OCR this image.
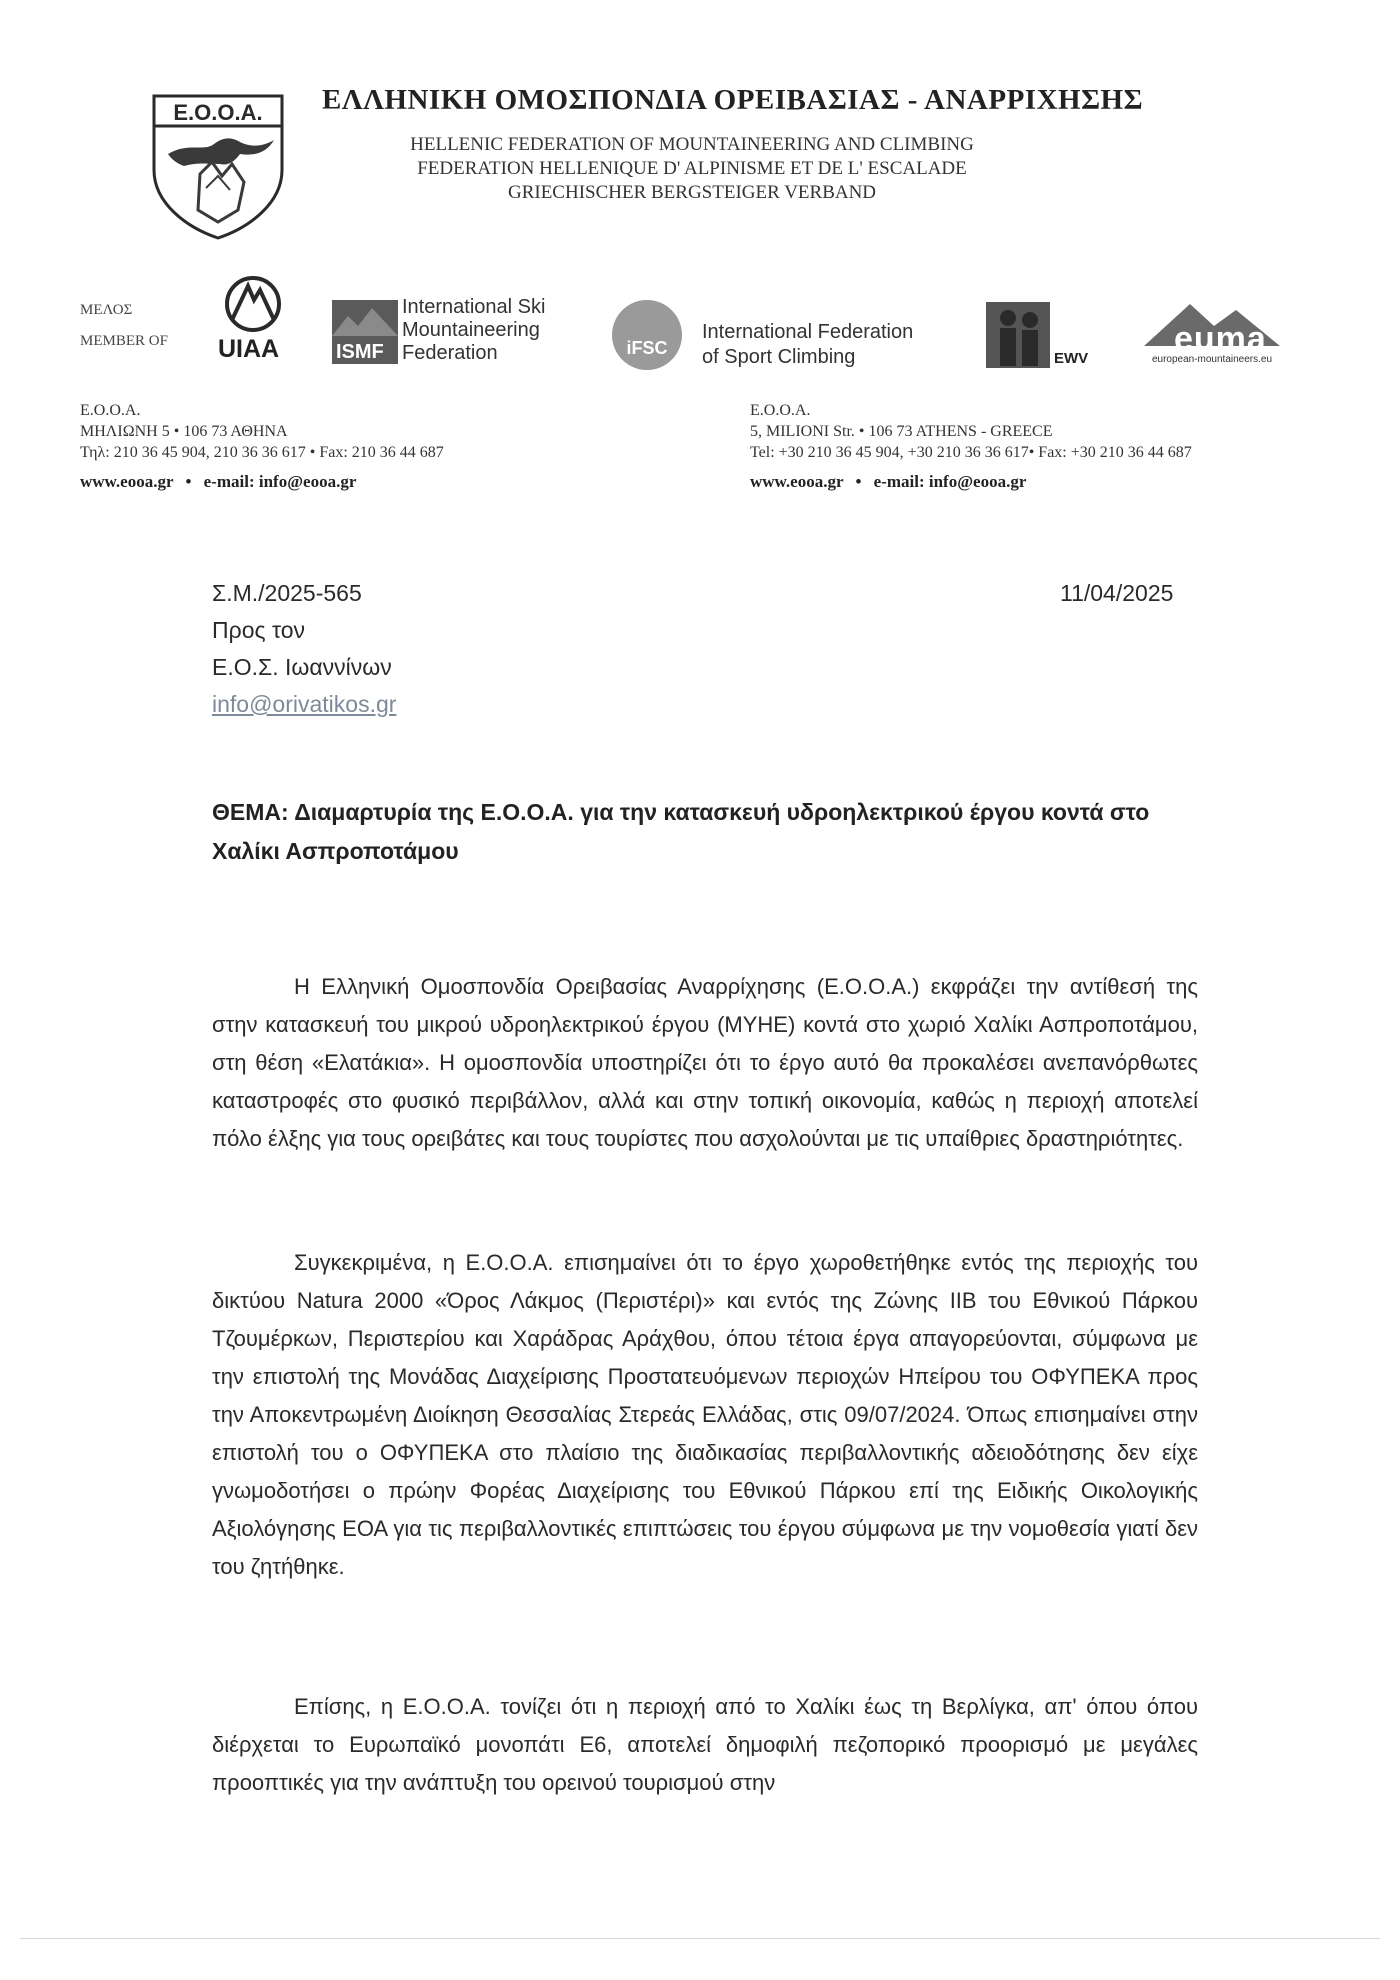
E.O.O.A. ΕΛΛΗΝΙΚΗ ΟΜΟΣΠΟΝΔΙΑ ΟΡΕΙΒΑΣΙΑΣ - ΑΝΑΡΡΙΧΗΣΗΣ
HELLENIC FEDERATION OF MOUNTAINEERING AND CLIMBING
FEDERATION HELLENIQUE D' ALPINISME ET DE L' ESCALADE
GRIECHISCHER BERGSTEIGER VERBAND
ΜΕΛΟΣ
MEMBER OF UIAA	ISMF
International Ski
Mountaineering
Federation	iFSC
International Federation
of Sport Climbing	EWV
euma
european-mountaineers.eu
E.O.O.A.
ΜΗΛΙΩΝΗ 5 • 106 73 ΑΘΗΝΑ
Τηλ: 210 36 45 904, 210 36 36 617 • Fax: 210 36 44 687
www.eooa.gr • e-mail: info@eooa.gr
E.O.O.A.
5, MILIONI Str. • 106 73 ATHENS - GREECE
Tel: +30 210 36 45 904, +30 210 36 36 617• Fax: +30 210 36 44 687
www.eooa.gr • e-mail: info@eooa.gr
Σ.Μ./2025-565	11/04/2025
Προς τον
Ε.Ο.Σ. Ιωαννίνων
info@orivatikos.gr
ΘΕΜΑ: Διαμαρτυρία της Ε.Ο.Ο.Α. για την κατασκευή υδροηλεκτρικού έργου κοντά στο Χαλίκι Ασπροποτάμου
Η Ελληνική Ομοσπονδία Ορειβασίας Αναρρίχησης (Ε.Ο.Ο.Α.) εκφράζει την αντίθεσή της στην κατασκευή του μικρού υδροηλεκτρικού έργου (ΜΥΗΕ) κοντά στο χωριό Χαλίκι Ασπροποτάμου, στη θέση «Ελατάκια». Η ομοσπονδία υποστηρίζει ότι το έργο αυτό θα προκαλέσει ανεπανόρθωτες καταστροφές στο φυσικό περιβάλλον, αλλά και στην τοπική οικονομία, καθώς η περιοχή αποτελεί πόλο έλξης για τους ορειβάτες και τους τουρίστες που ασχολούνται με τις υπαίθριες δραστηριότητες.
Συγκεκριμένα, η Ε.Ο.Ο.Α. επισημαίνει ότι το έργο χωροθετήθηκε εντός της περιοχής του δικτύου Natura 2000 «Όρος Λάκμος (Περιστέρι)» και εντός της Ζώνης ΙΙΒ του Εθνικού Πάρκου Τζουμέρκων, Περιστερίου και Χαράδρας Αράχθου, όπου τέτοια έργα απαγορεύονται, σύμφωνα με την επιστολή της Μονάδας Διαχείρισης Προστατευόμενων περιοχών Ηπείρου του ΟΦΥΠΕΚΑ προς την Αποκεντρωμένη Διοίκηση Θεσσαλίας Στερεάς Ελλάδας, στις 09/07/2024. Όπως επισημαίνει στην επιστολή του ο ΟΦΥΠΕΚΑ στο πλαίσιο της διαδικασίας περιβαλλοντικής αδειοδότησης δεν είχε γνωμοδοτήσει ο πρώην Φορέας Διαχείρισης του Εθνικού Πάρκου επί της Ειδικής Οικολογικής Αξιολόγησης ΕΟΑ για τις περιβαλλοντικές επιπτώσεις του έργου σύμφωνα με την νομοθεσία γιατί δεν του ζητήθηκε.
Επίσης, η Ε.Ο.Ο.Α. τονίζει ότι η περιοχή από το Χαλίκι έως τη Βερλίγκα, απ' όπου όπου διέρχεται το Ευρωπαϊκό μονοπάτι Ε6, αποτελεί δημοφιλή πεζοπορικό προορισμό με μεγάλες προοπτικές για την ανάπτυξη του ορεινού τουρισμού στην
